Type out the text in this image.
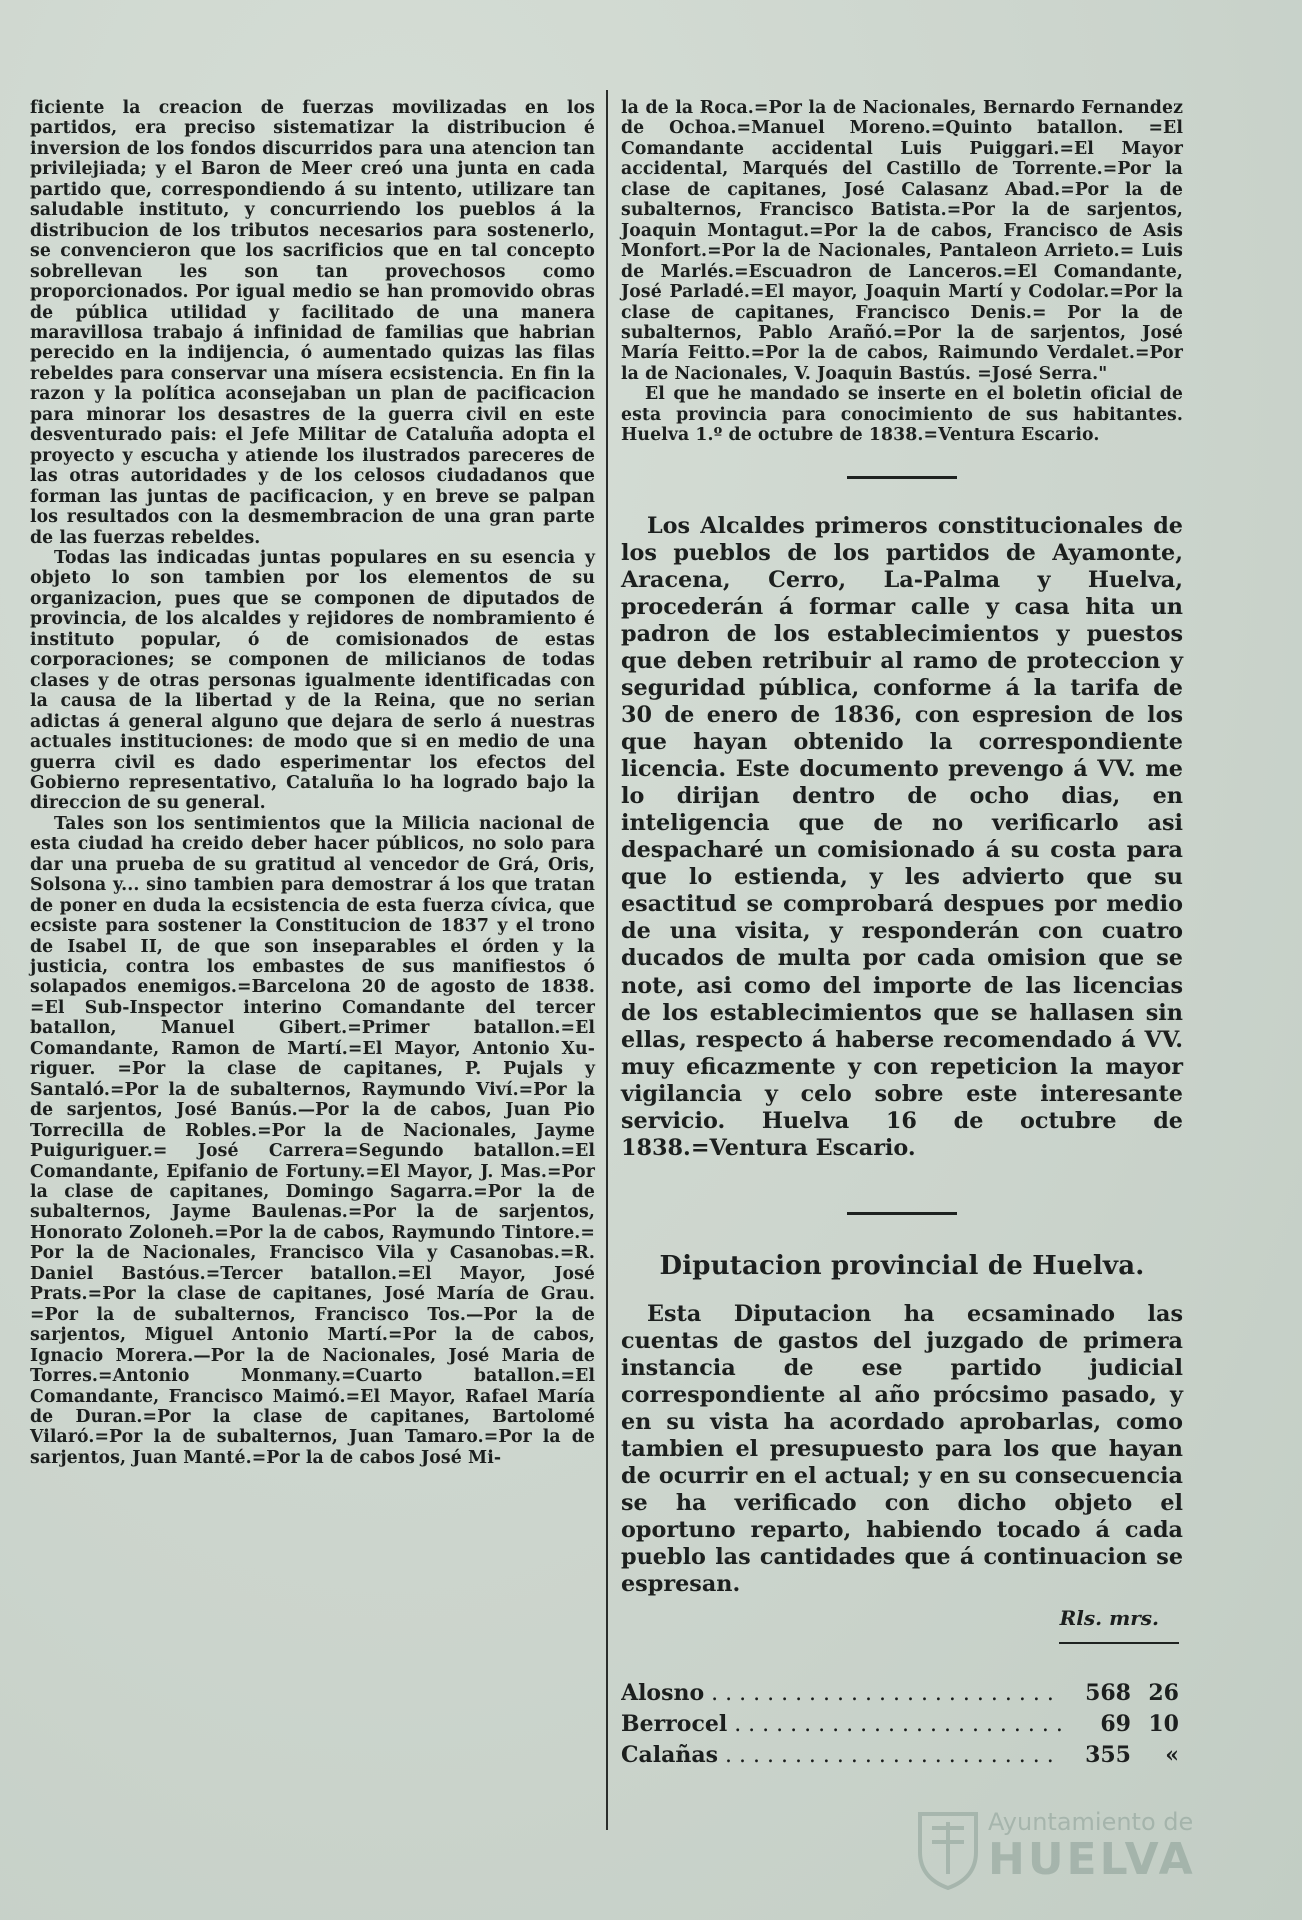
ficiente la creacion de fuerzas movilizadas en los partidos, era preciso sistematizar la distribucion é inversion de los fondos discurridos para una atencion tan privilejiada; y el Baron de Meer creó una junta en cada partido que, correspondiendo á su intento, utilizare tan saludable instituto, y concurriendo los pueblos á la distribucion de los tributos necesarios para sostenerlo, se convencieron que los sacrificios que en tal concepto sobrellevan les son tan provechosos como proporcionados. Por igual medio se han promovido obras de pública utilidad y facilitado de una manera maravillosa trabajo á infinidad de familias que habrian perecido en la indijencia, ó aumentado quizas las filas rebeldes para conservar una mísera ecsistencia. En fin la razon y la política aconsejaban un plan de pacificacion para minorar los desastres de la guerra civil en este desventurado pais: el Jefe Militar de Cataluña adopta el proyecto y escucha y atiende los ilustrados pareceres de las otras autoridades y de los celosos ciudadanos que forman las juntas de pacificacion, y en breve se palpan los resultados con la desmembracion de una gran parte de las fuerzas rebeldes.

Todas las indicadas juntas populares en su esencia y objeto lo son tambien por los elementos de su organizacion, pues que se componen de diputados de provincia, de los alcaldes y rejidores de nombramiento é instituto popular, ó de comisionados de estas corporaciones; se componen de milicianos de todas clases y de otras personas igualmente identificadas con la causa de la libertad y de la Reina, que no serian adictas á general alguno que dejara de serlo á nuestras actuales instituciones: de modo que si en medio de una guerra civil es dado esperimentar los efectos del Gobierno representativo, Cataluña lo ha logrado bajo la direccion de su general.

Tales son los sentimientos que la Milicia nacional de esta ciudad ha creido deber hacer públicos, no solo para dar una prueba de su gratitud al vencedor de Grá, Oris, Solsona y... sino tambien para demostrar á los que tratan de poner en duda la ecsistencia de esta fuerza cívica, que ecsiste para sostener la Constitucion de 1837 y el trono de Isabel II, de que son inseparables el órden y la justicia, contra los embastes de sus manifiestos ó solapados enemigos.=Barcelona 20 de agosto de 1838. =El Sub-Inspector interino Comandante del tercer batallon, Manuel Gibert.=Primer batallon.=El Comandante, Ramon de Martí.=El Mayor, Antonio Xu-riguer. =Por la clase de capitanes, P. Pujals y Santaló.=Por la de subalternos, Raymundo Viví.=Por la de sarjentos, José Banús.—Por la de cabos, Juan Pio Torrecilla de Robles.=Por la de Nacionales, Jayme Puiguriguer.= José Carrera=Segundo batallon.=El Comandante, Epifanio de Fortuny.=El Mayor, J. Mas.=Por la clase de capitanes, Domingo Sagarra.=Por la de subalternos, Jayme Baulenas.=Por la de sarjentos, Honorato Zoloneh.=Por la de cabos, Raymundo Tintore.= Por la de Nacionales, Francisco Vila y Casanobas.=R. Daniel Bastóus.=Tercer batallon.=El Mayor, José Prats.=Por la clase de capitanes, José María de Grau. =Por la de subalternos, Francisco Tos.—Por la de sarjentos, Miguel Antonio Martí.=Por la de cabos, Ignacio Morera.—Por la de Nacionales, José Maria de Torres.=Antonio Monmany.=Cuarto batallon.=El Comandante, Francisco Maimó.=El Mayor, Rafael María de Duran.=Por la clase de capitanes, Bartolomé Vilaró.=Por la de subalternos, Juan Tamaro.=Por la de sarjentos, Juan Manté.=Por la de cabos José Mi-

la de la Roca.=Por la de Nacionales, Bernardo Fernandez de Ochoa.=Manuel Moreno.=Quinto batallon. =El Comandante accidental Luis Puiggari.=El Mayor accidental, Marqués del Castillo de Torrente.=Por la clase de capitanes, José Calasanz Abad.=Por la de subalternos, Francisco Batista.=Por la de sarjentos, Joaquin Montagut.=Por la de cabos, Francisco de Asis Monfort.=Por la de Nacionales, Pantaleon Arrieto.= Luis de Marlés.=Escuadron de Lanceros.=El Comandante, José Parladé.=El mayor, Joaquin Martí y Codolar.=Por la clase de capitanes, Francisco Denis.= Por la de subalternos, Pablo Arañó.=Por la de sarjentos, José María Feitto.=Por la de cabos, Raimundo Verdalet.=Por la de Nacionales, V. Joaquin Bastús. =José Serra."

El que he mandado se inserte en el boletin oficial de esta provincia para conocimiento de sus habitantes. Huelva 1.º de octubre de 1838.=Ventura Escario.

Los Alcaldes primeros constitucionales de los pueblos de los partidos de Ayamonte, Aracena, Cerro, La-Palma y Huelva, procederán á formar calle y casa hita un padron de los establecimientos y puestos que deben retribuir al ramo de proteccion y seguridad pública, conforme á la tarifa de 30 de enero de 1836, con espresion de los que hayan obtenido la correspondiente licencia. Este documento prevengo á VV. me lo dirijan dentro de ocho dias, en inteligencia que de no verificarlo asi despacharé un comisionado á su costa para que lo estienda, y les advierto que su esactitud se comprobará despues por medio de una visita, y responderán con cuatro ducados de multa por cada omision que se note, asi como del importe de las licencias de los establecimientos que se hallasen sin ellas, respecto á haberse recomendado á VV. muy eficazmente y con repeticion la mayor vigilancia y celo sobre este interesante servicio. Huelva 16 de octubre de 1838.=Ventura Escario.

Diputacion provincial de Huelva.

Esta Diputacion ha ecsaminado las cuentas de gastos del juzgado de primera instancia de ese partido judicial correspondiente al año prócsimo pasado, y en su vista ha acordado aprobarlas, como tambien el presupuesto para los que hayan de ocurrir en el actual; y en su consecuencia se ha verificado con dicho objeto el oportuno reparto, habiendo tocado á cada pueblo las cantidades que á continuacion se espresan.

Rls. mrs.
Alosno . . .	568 26
Berrocel . . .	69 10
Calañas . . .	355	«
Ayuntamiento de
HUELVA
